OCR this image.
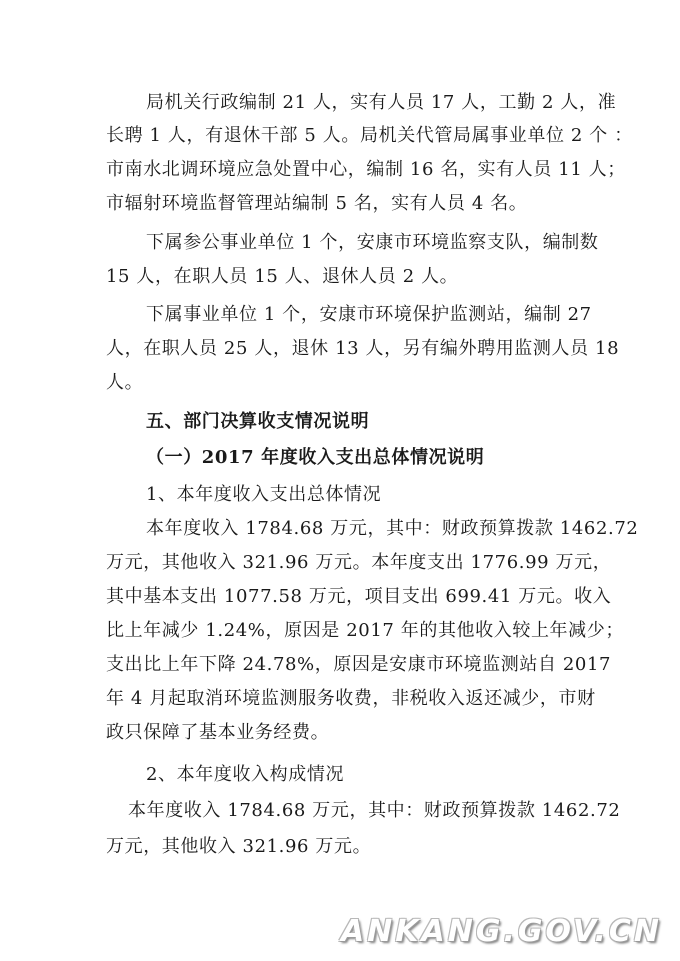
局机关行政编制 21 人，实有人员 17 人，工勤 2 人，准
长聘 1 人，有退休干部 5 人。局机关代管局属事业单位 2 个 ：
市南水北调环境应急处置中心，编制 16 名，实有人员 11 人；
市辐射环境监督管理站编制 5 名，实有人员 4 名。
下属参公事业单位 1 个，安康市环境监察支队，编制数
15 人，在职人员 15 人、退休人员 2 人。
下属事业单位 1 个，安康市环境保护监测站，编制 27
人，在职人员 25 人，退休 13 人，另有编外聘用监测人员 18
人。
五、部门决算收支情况说明
（一）2017 年度收入支出总体情况说明
1、本年度收入支出总体情况
本年度收入 1784.68 万元，其中：财政预算拨款 1462.72
万元，其他收入 321.96 万元。本年度支出 1776.99 万元，
其中基本支出 1077.58 万元，项目支出 699.41 万元。收入
比上年减少 1.24%，原因是 2017 年的其他收入较上年减少；
支出比上年下降 24.78%，原因是安康市环境监测站自 2017
年 4 月起取消环境监测服务收费，非税收入返还减少，市财
政只保障了基本业务经费。
2、本年度收入构成情况
本年度收入 1784.68 万元，其中：财政预算拨款 1462.72
万元，其他收入 321.96 万元。
ANKANG.GOV.CN
